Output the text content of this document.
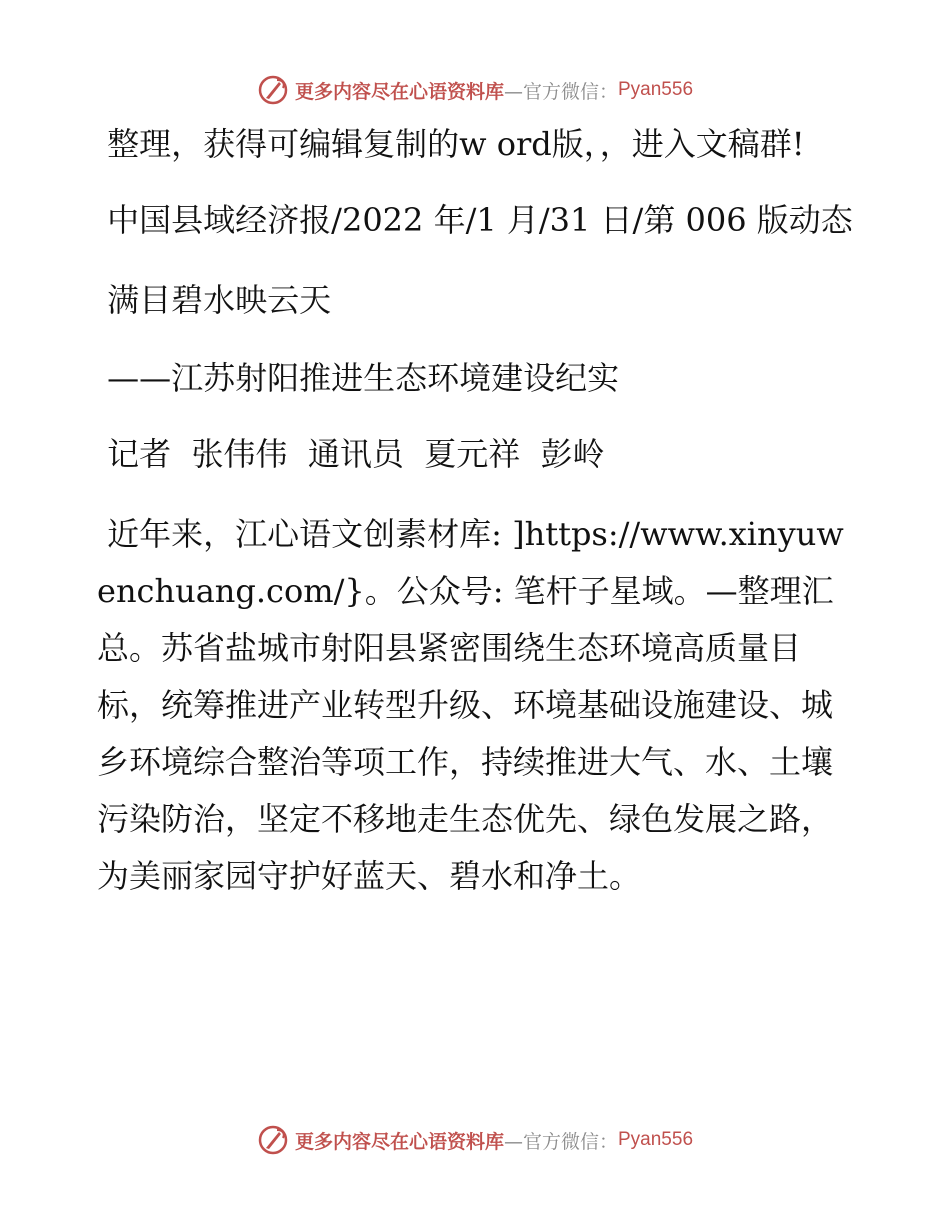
更多内容尽在心语资料库 —官方微信： Pyan556

整理，获得可编辑复制的w ord版，，进入文稿群!

中国县域经济报/2022 年/1 月/31 日/第 006 版动态

满目碧水映云天

——江苏射阳推进生态环境建设纪实

记者  张伟伟  通讯员  夏元祥  彭岭

近年来，江心语文创素材库: ]https://www.xinyuwenchuang.com/}。公众号: 笔杆子星域。—整理汇总。苏省盐城市射阳县紧密围绕生态环境高质量目标，统筹推进产业转型升级、环境基础设施建设、城乡环境综合整治等项工作，持续推进大气、水、土壤污染防治，坚定不移地走生态优先、绿色发展之路，为美丽家园守护好蓝天、碧水和净土。

更多内容尽在心语资料库 —官方微信： Pyan556
